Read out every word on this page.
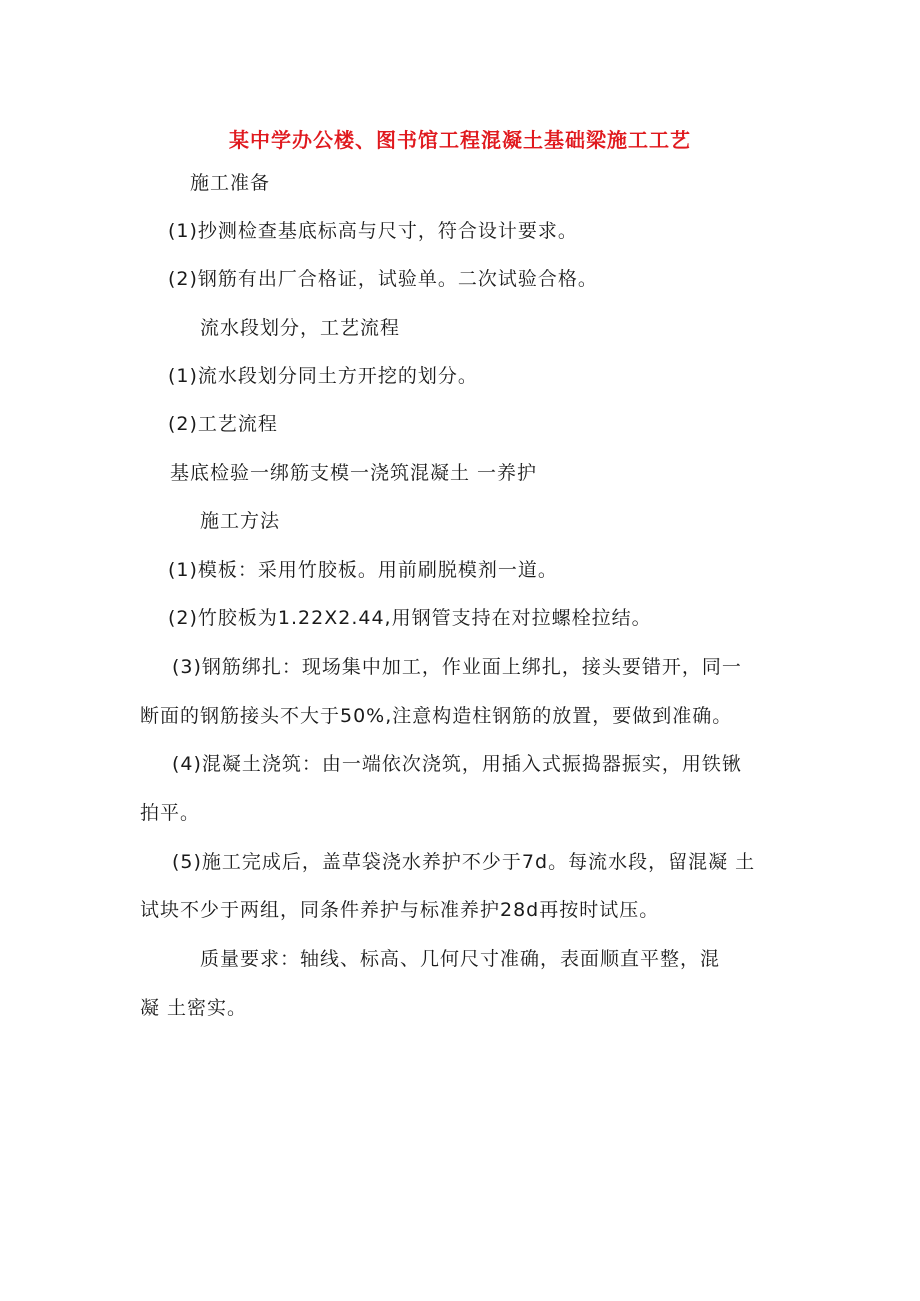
某中学办公楼、图书馆工程混凝土基础梁施工工艺
施工准备
(1)抄测检查基底标高与尺寸，符合设计要求。
(2)钢筋有出厂合格证，试验单。二次试验合格。
流水段划分，工艺流程
(1)流水段划分同土方开挖的划分。
(2)工艺流程
基底检验一绑筋支模一浇筑混凝土 一养护
施工方法
(1)模板：采用竹胶板。用前刷脱模剂一道。
(2)竹胶板为1.22X2.44,用钢管支持在对拉螺栓拉结。
(3)钢筋绑扎：现场集中加工，作业面上绑扎，接头要错开，同一
断面的钢筋接头不大于50%,注意构造柱钢筋的放置，要做到准确。
(4)混凝土浇筑：由一端依次浇筑，用插入式振捣器振实，用铁锹
拍平。
(5)施工完成后，盖草袋浇水养护不少于7d。每流水段，留混凝 土
试块不少于两组，同条件养护与标准养护28d再按时试压。
质量要求：轴线、标高、几何尺寸准确，表面顺直平整，混
凝 土密实。
